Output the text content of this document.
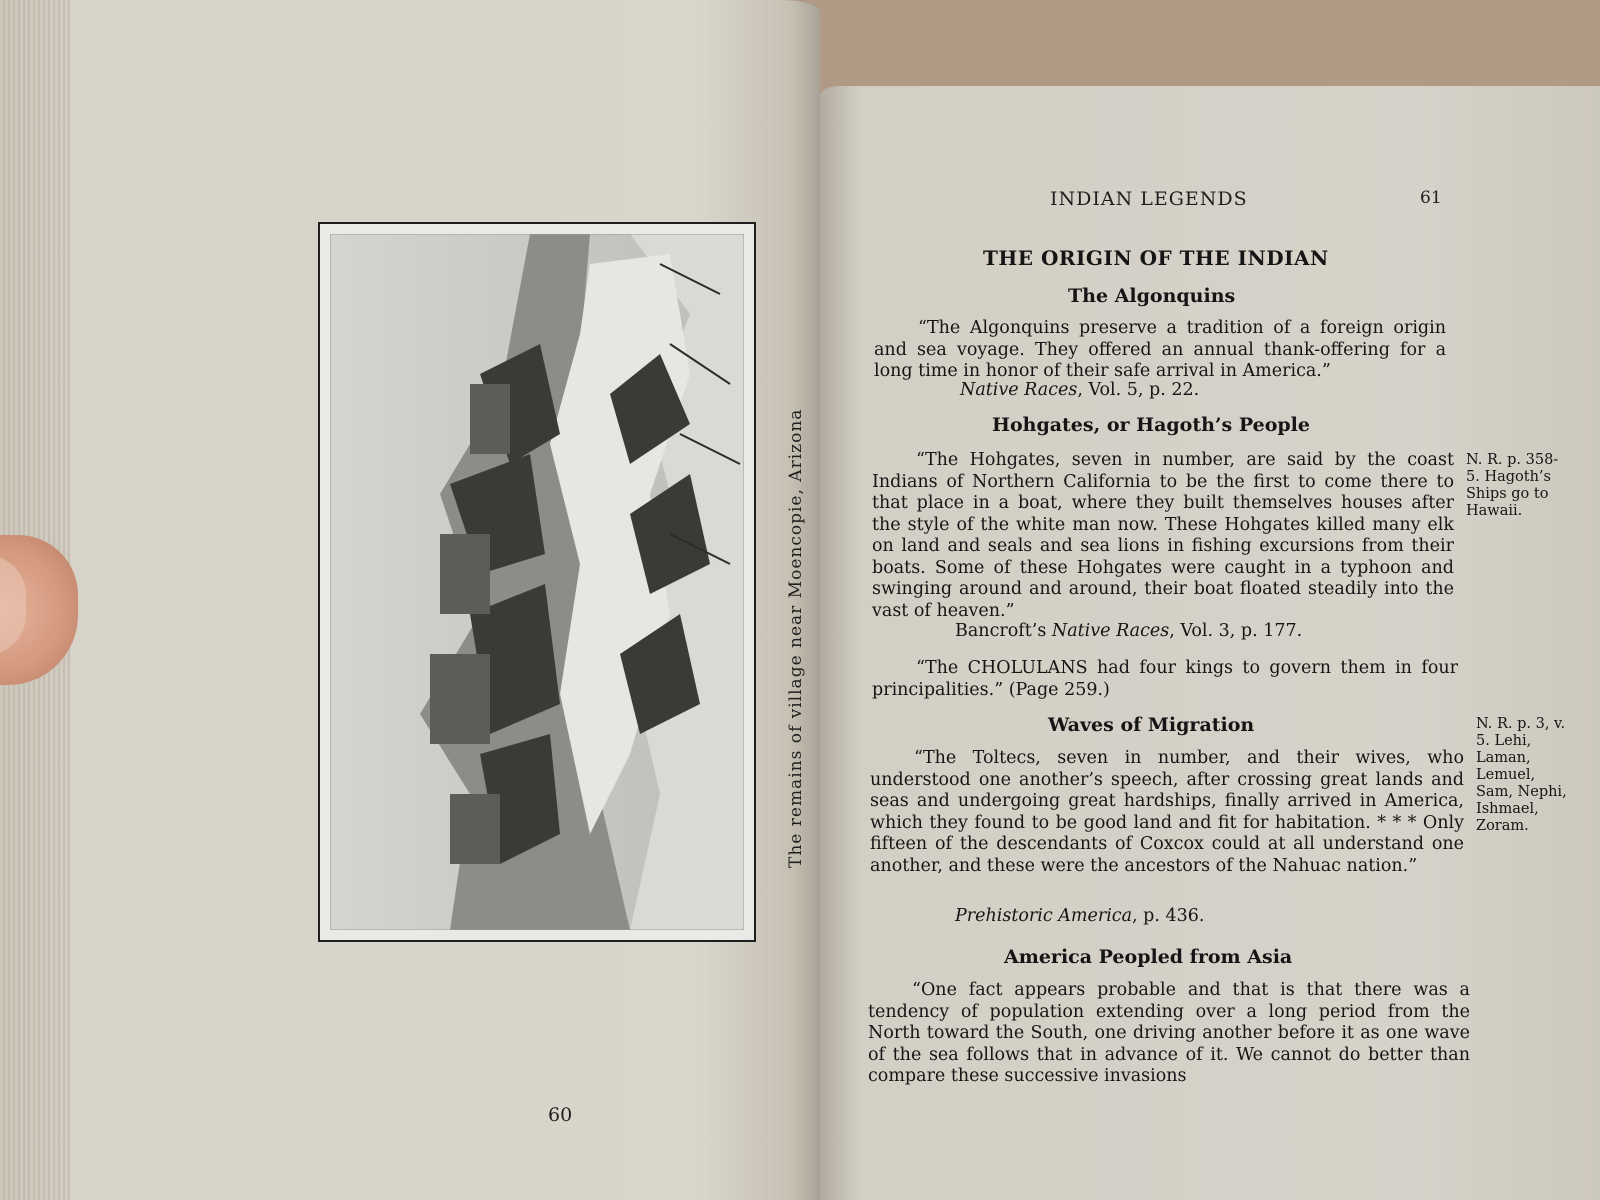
The remains of village near Moencopie, Arizona
60
INDIAN LEGENDS	61
THE ORIGIN OF THE INDIAN
The Algonquins
“The Algonquins preserve a tradition of a foreign origin and sea voyage. They offered an annual thank-offering for a long time in honor of their safe arrival in America.”
Native Races, Vol. 5, p. 22.
Hohgates, or Hagoth’s People
“The Hohgates, seven in number, are said by the coast Indians of Northern California to be the first to come there to that place in a boat, where they built themselves houses after the style of the white man now. These Hohgates killed many elk on land and seals and sea lions in fishing excursions from their boats. Some of these Hohgates were caught in a typhoon and swinging around and around, their boat floated steadily into the vast of heaven.”
Bancroft’s Native Races, Vol. 3, p. 177.
“The CHOLULANS had four kings to govern them in four principalities.” (Page 259.)
N. R. p. 358-5. Hagoth’s Ships go to Hawaii.
Waves of Migration
“The Toltecs, seven in number, and their wives, who understood one another’s speech, after crossing great lands and seas and undergoing great hardships, finally arrived in America, which they found to be good land and fit for habitation. * * * Only fifteen of the descendants of Coxcox could at all understand one another, and these were the ancestors of the Nahuac nation.”
Prehistoric America, p. 436.
N. R. p. 3, v. 5. Lehi, Laman, Lemuel, Sam, Nephi, Ishmael, Zoram.
America Peopled from Asia
“One fact appears probable and that is that there was a tendency of population extending over a long period from the North toward the South, one driving another before it as one wave of the sea follows that in advance of it. We cannot do better than compare these successive invasions
